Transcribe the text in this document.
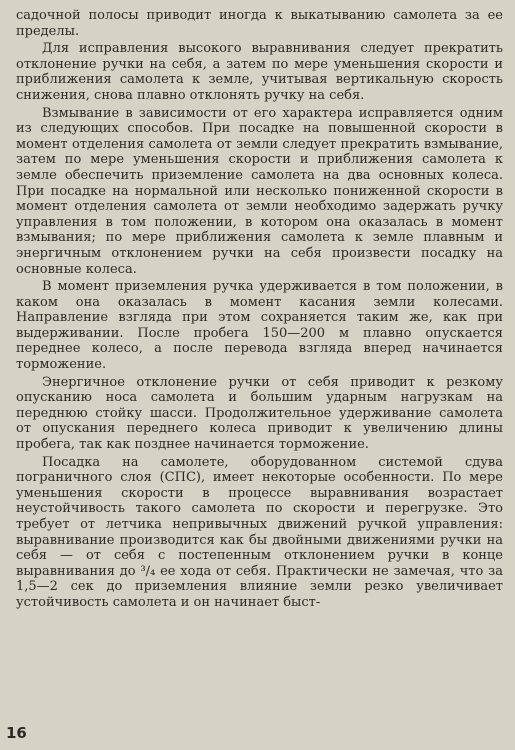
садочной полосы приводит иногда к выкатыванию самолета за ее пределы.

Для исправления высокого выравнивания следует прекратить отклонение ручки на себя, а затем по мере уменьшения скорости и приближения самолета к земле, учитывая вертикальную скорость снижения, снова плавно отклонять ручку на себя.

Взмывание в зависимости от его характера исправляется одним из следующих способов. При посадке на повышенной скорости в момент отделения самолета от земли следует прекратить взмывание, затем по мере уменьшения скорости и приближения самолета к земле обеспечить приземление самолета на два основных колеса. При посадке на нормальной или несколько пониженной скорости в момент отделения самолета от земли необходимо задержать ручку управления в том положении, в котором она оказалась в момент взмывания; по мере приближения самолета к земле плавным и энергичным отклонением ручки на себя произвести посадку на основные колеса.

В момент приземления ручка удерживается в том положении, в каком она оказалась в момент касания земли колесами. Направление взгляда при этом сохраняется таким же, как при выдерживании. После пробега 150—200 м плавно опускается переднее колесо, а после перевода взгляда вперед начинается торможение.

Энергичное отклонение ручки от себя приводит к резкому опусканию носа самолета и большим ударным нагрузкам на переднюю стойку шасси. Продолжительное удерживание самолета от опускания переднего колеса приводит к увеличению длины пробега, так как позднее начинается торможение.

Посадка на самолете, оборудованном системой сдува пограничного слоя (СПС), имеет некоторые особенности. По мере уменьшения скорости в процессе выравнивания возрастает неустойчивость такого самолета по скорости и перегрузке. Это требует от летчика непривычных движений ручкой управления: выравнивание производится как бы двойными движениями ручки на себя — от себя с постепенным отклонением ручки в конце выравнивания до ³/₄ ее хода от себя. Практически не замечая, что за 1,5—2 сек до приземления влияние земли резко увеличивает устойчивость самолета и он начинает быст-

16
